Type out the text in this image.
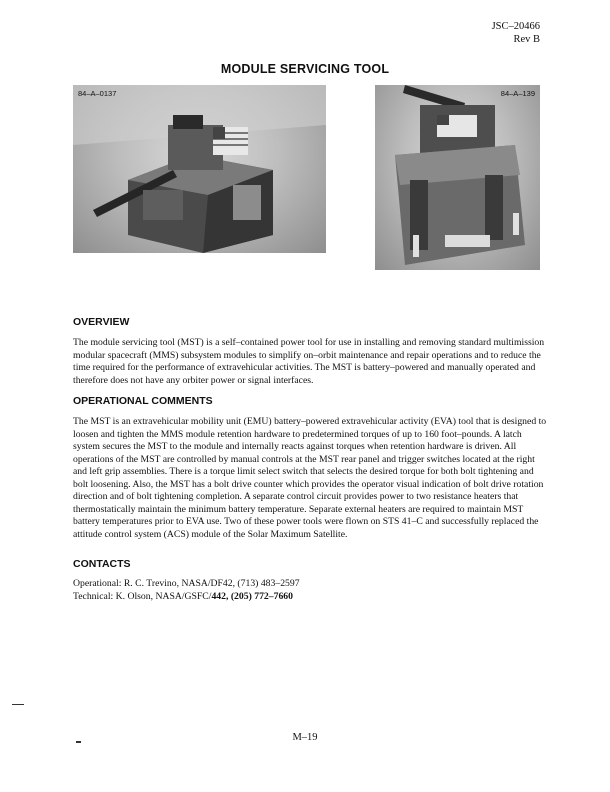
JSC–20466
Rev B
MODULE SERVICING TOOL
84–A–0137	84–A–139
OVERVIEW

The module servicing tool (MST) is a self–contained power tool for use in installing and removing standard multimission modular spacecraft (MMS) subsystem modules to simplify on–orbit maintenance and repair operations and to reduce the time required for the performance of extravehicular activities. The MST is battery–powered and manually operated and therefore does not have any orbiter power or signal interfaces.

OPERATIONAL COMMENTS

The MST is an extravehicular mobility unit (EMU) battery–powered extravehicular activity (EVA) tool that is designed to loosen and tighten the MMS module retention hardware to predetermined torques of up to 160 foot–pounds. A latch system secures the MST to the module and internally reacts against torques when retention hardware is driven. All operations of the MST are controlled by manual controls at the MST rear panel and trigger switches located at the right and left grip assemblies. There is a torque limit select switch that selects the desired torque for both bolt tightening and bolt loosening. Also, the MST has a bolt drive counter which provides the operator visual indication of bolt drive rotation direction and of bolt tightening completion. A separate control circuit provides power to two resistance heaters that thermostatically maintain the minimum battery temperature. Separate external heaters are required to maintain MST battery temperatures prior to EVA use. Two of these power tools were flown on STS 41–C and successfully replaced the attitude control system (ACS) module of the Solar Maximum Satellite.

CONTACTS
Operational: R. C. Trevino, NASA/DF42, (713) 483–2597
Technical: K. Olson, NASA/GSFC/442, (205) 772–7660
M–19
